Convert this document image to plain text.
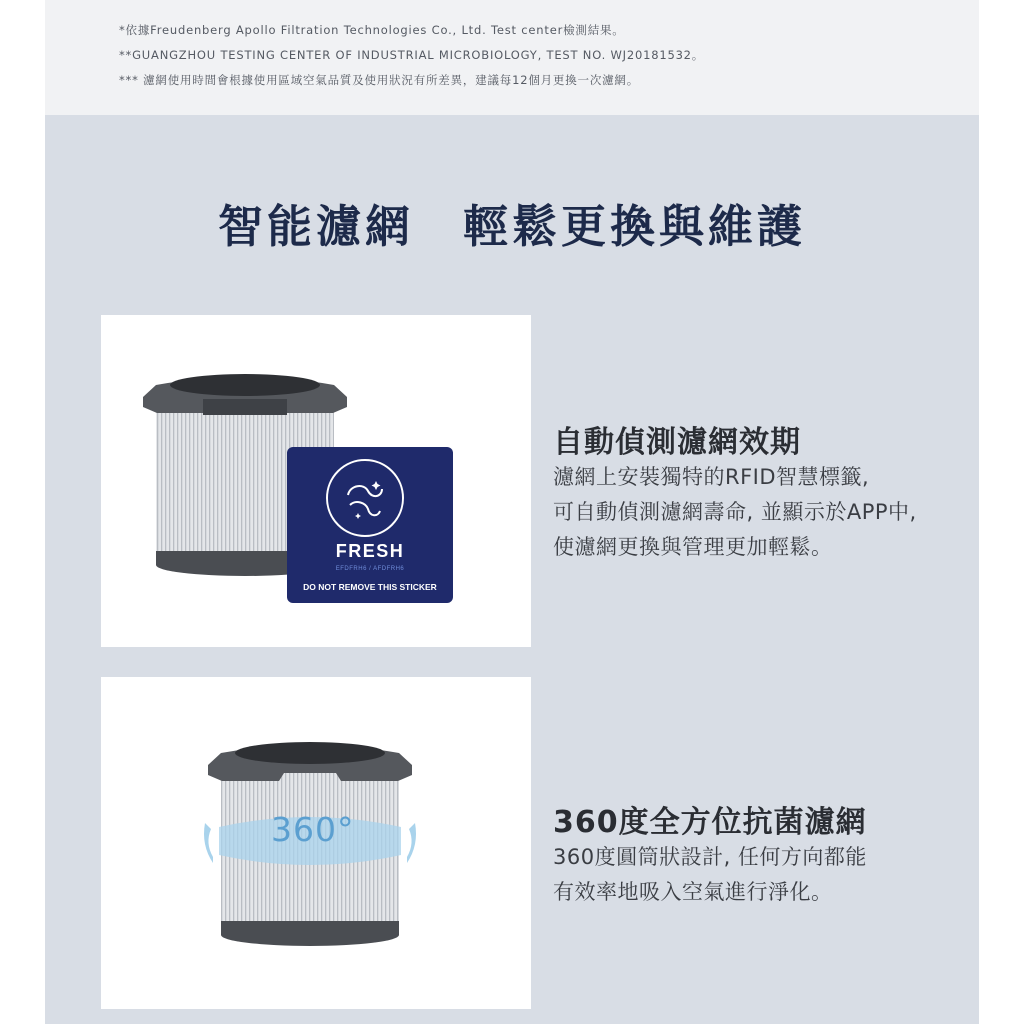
*依據Freudenberg Apollo Filtration Technologies Co., Ltd. Test center檢測結果。
**GUANGZHOU TESTING CENTER OF INDUSTRIAL MICROBIOLOGY, TEST NO. WJ20181532。
*** 濾網使用時間會根據使用區域空氣品質及使用狀況有所差異，建議每12個月更換一次濾網。
智能濾網　輕鬆更換與維護
FRESH
EFDFRH6 / AFDFRH6
DO NOT REMOVE THIS STICKER
自動偵測濾網效期
濾網上安裝獨特的RFID智慧標籤,
可自動偵測濾網壽命, 並顯示於APP中,
使濾網更換與管理更加輕鬆。
360°	360度全方位抗菌濾網
360度圓筒狀設計, 任何方向都能
有效率地吸入空氣進行淨化。
